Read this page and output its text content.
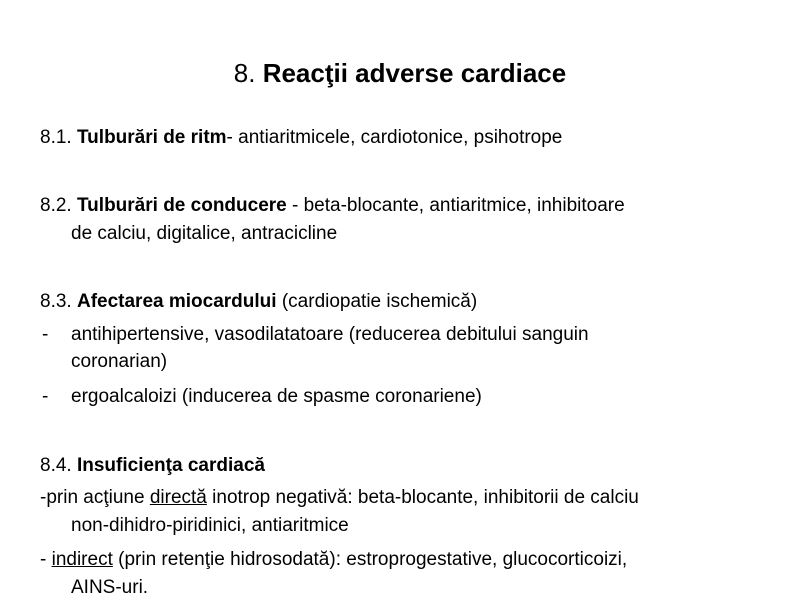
8. Reacţii adverse cardiace
8.1. Tulburări de ritm- antiaritmicele, cardiotonice, psihotrope
8.2. Tulburări de conducere - beta-blocante, antiaritmice, inhibitoare
de calciu, digitalice, antracicline
8.3. Afectarea miocardului (cardiopatie ischemică)
- antihipertensive, vasodilatatoare (reducerea debitului sanguin
coronarian)
- ergoalcaloizi (inducerea de spasme coronariene)
8.4. Insuficienţa cardiacă
-prin acţiune directă inotrop negativă: beta-blocante, inhibitorii de calciu
non-dihidro-piridinici, antiaritmice
- indirect (prin retenţie hidrosodată): estroprogestative, glucocorticoizi,
AINS-uri.
